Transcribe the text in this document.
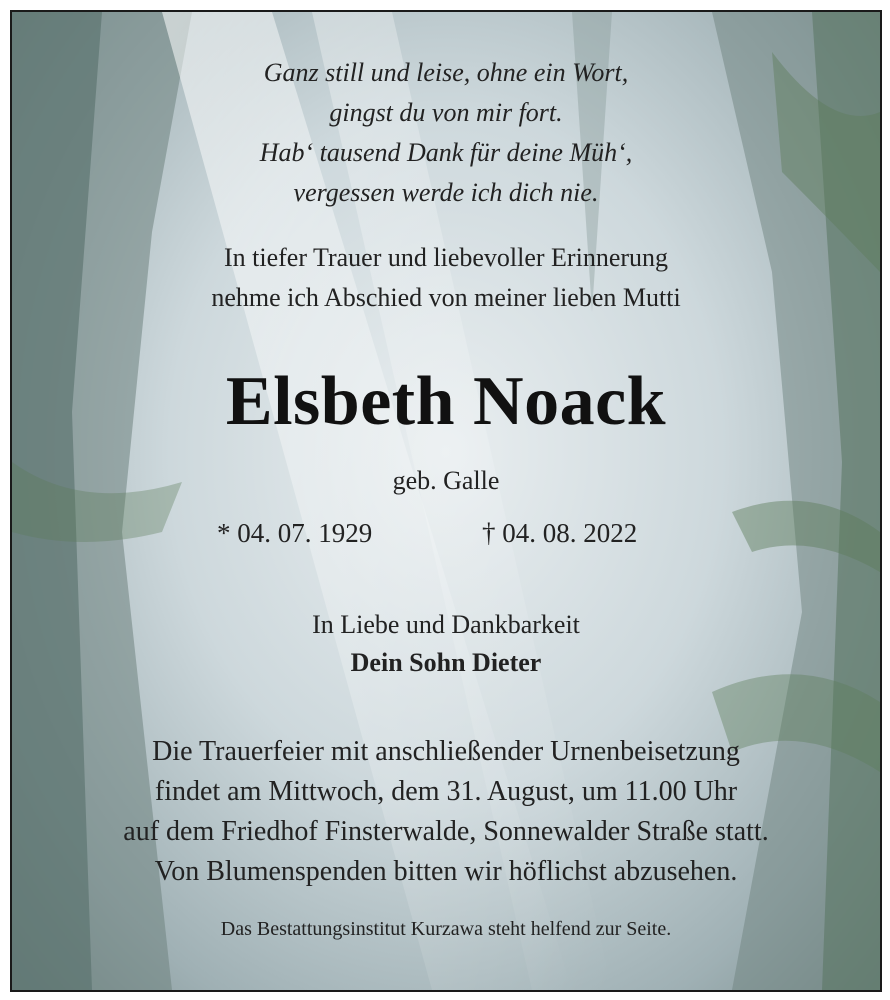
Ganz still und leise, ohne ein Wort,
gingst du von mir fort.
Hab‘ tausend Dank für deine Müh‘,
vergessen werde ich dich nie.
In tiefer Trauer und liebevoller Erinnerung
nehme ich Abschied von meiner lieben Mutti
Elsbeth Noack
geb. Galle
* 04. 07. 1929	† 04. 08. 2022
In Liebe und Dankbarkeit
Dein Sohn Dieter
Die Trauerfeier mit anschließender Urnenbeisetzung
findet am Mittwoch, dem 31. August, um 11.00 Uhr
auf dem Friedhof Finsterwalde, Sonnewalder Straße statt.
Von Blumenspenden bitten wir höflichst abzusehen.
Das Bestattungsinstitut Kurzawa steht helfend zur Seite.
